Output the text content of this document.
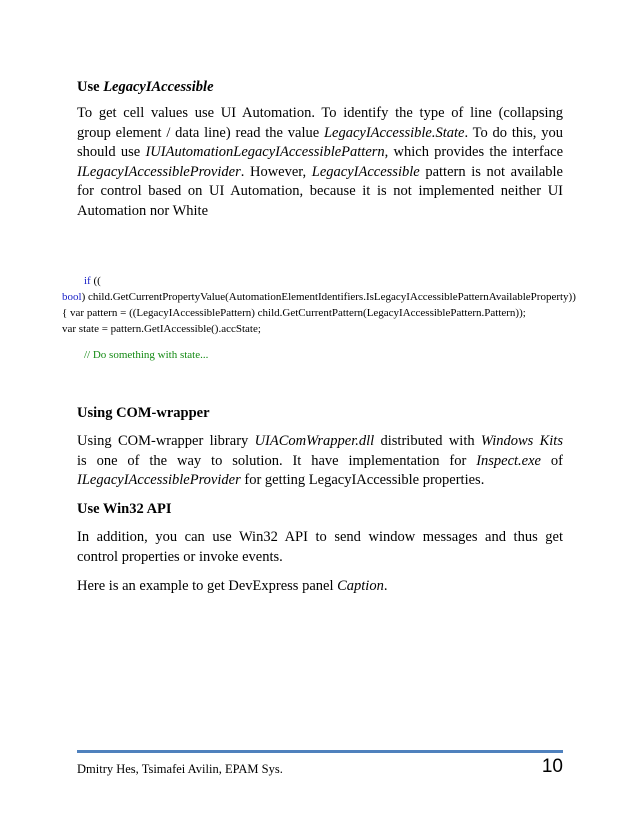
Use LegacyIAccessible
To get cell values use UI Automation. To identify the type of line (collapsing
group element / data line) read the value LegacyIAccessible.State. To do this, you
should use IUIAutomationLegacyIAccessiblePattern, which provides the interface
ILegacyIAccessibleProvider. However, LegacyIAccessible pattern is not available
for control based on UI Automation, because it is not implemented neither UI
Automation nor White
if ((
bool) child.GetCurrentPropertyValue(AutomationElementIdentifiers.IsLegacyIAccessiblePatternAvailableProperty))
{ var pattern = ((LegacyIAccessiblePattern) child.GetCurrentPattern(LegacyIAccessiblePattern.Pattern));
var state = pattern.GetIAccessible().accState;
// Do something with state...
Using COM-wrapper
Using COM-wrapper library UIAComWrapper.dll distributed with Windows Kits
is one of the way to solution. It have implementation for Inspect.exe of
ILegacyIAccessibleProvider for getting LegacyIAccessible properties.
Use Win32 API
In addition, you can use Win32 API to send window messages and thus get
control properties or invoke events.
Here is an example to get DevExpress panel Caption.
Dmitry Hes, Tsimafei Avilin, EPAM Sys.	10
